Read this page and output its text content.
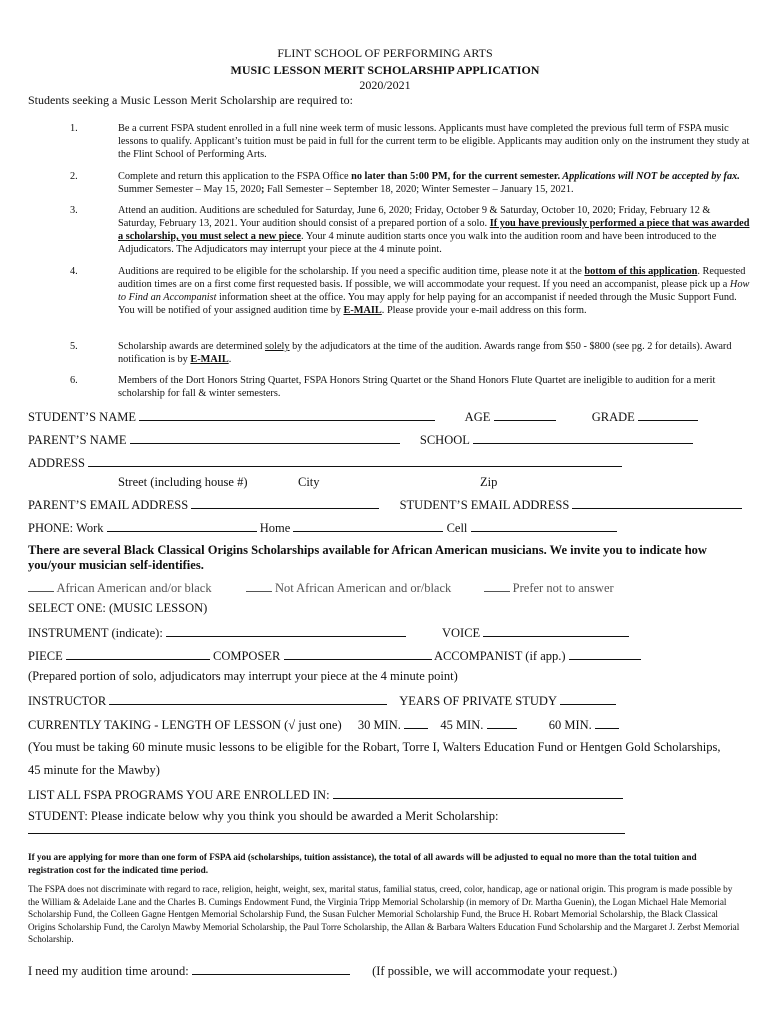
FLINT SCHOOL OF PERFORMING ARTS
MUSIC LESSON MERIT SCHOLARSHIP APPLICATION
2020/2021
Students seeking a Music Lesson Merit Scholarship are required to:
1.	Be a current FSPA student enrolled in a full nine week term of music lessons. Applicants must have completed the previous full term of FSPA music lessons to qualify. Applicant’s tuition must be paid in full for the current term to be eligible. Applicants may audition only on the instrument they study at the Flint School of Performing Arts.
2.	Complete and return this application to the FSPA Office no later than 5:00 PM, for the current semester. Applications will NOT be accepted by fax. Summer Semester – May 15, 2020; Fall Semester – September 18, 2020; Winter Semester – January 15, 2021.
3.	Attend an audition. Auditions are scheduled for Saturday, June 6, 2020; Friday, October 9 & Saturday, October 10, 2020; Friday, February 12 & Saturday, February 13, 2021. Your audition should consist of a prepared portion of a solo. If you have previously performed a piece that was awarded a scholarship, you must select a new piece. Your 4 minute audition starts once you walk into the audition room and have been introduced to the Adjudicators. The Adjudicators may interrupt your piece at the 4 minute point.
4.	Auditions are required to be eligible for the scholarship. If you need a specific audition time, please note it at the bottom of this application. Requested audition times are on a first come first requested basis. If possible, we will accommodate your request. If you need an accompanist, please pick up a How to Find an Accompanist information sheet at the office. You may apply for help paying for an accompanist if needed through the Music Support Fund. You will be notified of your assigned audition time by E-MAIL. Please provide your e-mail address on this form.
5.	Scholarship awards are determined solely by the adjudicators at the time of the audition. Awards range from $50 - $800 (see pg. 2 for details). Award notification is by E-MAIL.
6.	Members of the Dort Honors String Quartet, FSPA Honors String Quartet or the Shand Honors Flute Quartet are ineligible to audition for a merit scholarship for fall & winter semesters.
STUDENT’S NAME	AGE	GRADE
PARENT’S NAME	SCHOOL
ADDRESS
Street (including house #)	City	Zip
PARENT’S EMAIL ADDRESS	STUDENT’S EMAIL ADDRESS
PHONE: Work	Home	Cell
There are several Black Classical Origins Scholarships available for African American musicians. We invite you to indicate how you/your musician self-identifies.
African American and/or black	Not African American and or/black	Prefer not to answer
SELECT ONE: (MUSIC LESSON)
INSTRUMENT (indicate):	VOICE
PIECE	COMPOSER	ACCOMPANIST (if app.)
(Prepared portion of solo, adjudicators may interrupt your piece at the 4 minute point)
INSTRUCTOR	YEARS OF PRIVATE STUDY
CURRENTLY TAKING - LENGTH OF LESSON (√ just one) 30 MIN.	45 MIN.	60 MIN.
(You must be taking 60 minute music lessons to be eligible for the Robart, Torre I, Walters Education Fund or Hentgen Gold Scholarships,
45 minute for the Mawby)
LIST ALL FSPA PROGRAMS YOU ARE ENROLLED IN:
STUDENT: Please indicate below why you think you should be awarded a Merit Scholarship:
If you are applying for more than one form of FSPA aid (scholarships, tuition assistance), the total of all awards will be adjusted to equal no more than the total tuition and registration cost for the indicated time period.
The FSPA does not discriminate with regard to race, religion, height, weight, sex, marital status, familial status, creed, color, handicap, age or national origin. This program is made possible by the William & Adelaide Lane and the Charles B. Cumings Endowment Fund, the Virginia Tripp Memorial Scholarship (in memory of Dr. Martha Guenin), the Logan Michael Hale Memorial Scholarship Fund, the Colleen Gagne Hentgen Memorial Scholarship Fund, the Susan Fulcher Memorial Scholarship Fund, the Bruce H. Robart Memorial Scholarship, the Black Classical Origins Scholarship Fund, the Carolyn Mawby Memorial Scholarship, the Paul Torre Scholarship, the Allan & Barbara Walters Education Fund Scholarship and the Margaret J. Zerbst Memorial Scholarship.
I need my audition time around:	(If possible, we will accommodate your request.)
